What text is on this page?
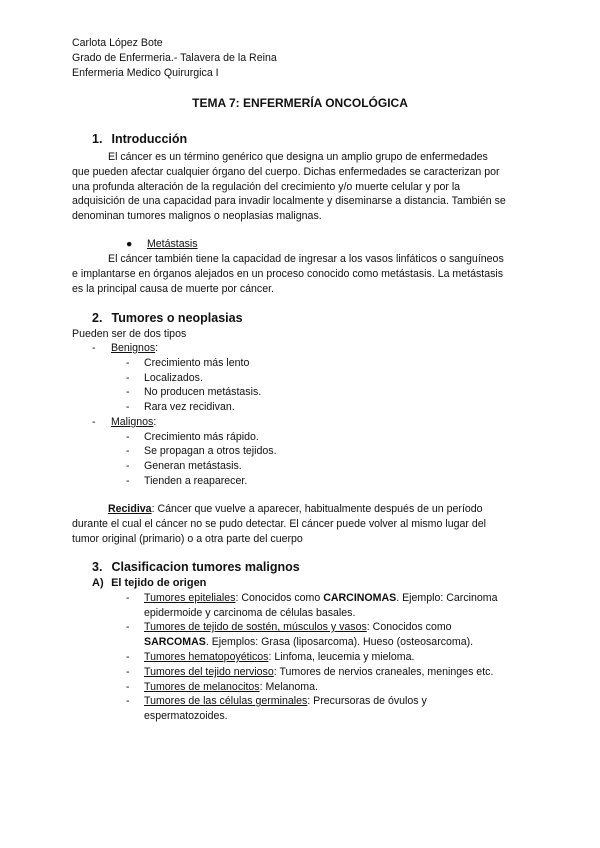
Carlota López Bote
Grado de Enfermeria.- Talavera de la Reina
Enfermeria Medico Quirurgica I
TEMA 7: ENFERMERÍA ONCOLÓGICA
1. Introducción
El cáncer es un término genérico que designa un amplio grupo de enfermedades
que pueden afectar cualquier órgano del cuerpo. Dichas enfermedades se caracterizan por
una profunda alteración de la regulación del crecimiento y/o muerte celular y por la
adquisición de una capacidad para invadir localmente y diseminarse a distancia. También se
denominan tumores malignos o neoplasias malignas.
● Metástasis
El cáncer también tiene la capacidad de ingresar a los vasos linfáticos o sanguíneos
e implantarse en órganos alejados en un proceso conocido como metástasis. La metástasis
es la principal causa de muerte por cáncer.
2. Tumores o neoplasias
Pueden ser de dos tipos
- Benignos:
- Crecimiento más lento
- Localizados.
- No producen metástasis.
- Rara vez recidivan.
- Malignos:
- Crecimiento más rápido.
- Se propagan a otros tejidos.
- Generan metástasis.
- Tienden a reaparecer.
Recidiva: Cáncer que vuelve a aparecer, habitualmente después de un período
durante el cual el cáncer no se pudo detectar. El cáncer puede volver al mismo lugar del
tumor original (primario) o a otra parte del cuerpo
3. Clasificacion tumores malignos
A) El tejido de origen
- Tumores epiteliales: Conocidos como CARCINOMAS. Ejemplo: Carcinoma
epidermoide y carcinoma de células basales.
- Tumores de tejido de sostén, músculos y vasos: Conocidos como
SARCOMAS. Ejemplos: Grasa (liposarcoma). Hueso (osteosarcoma).
- Tumores hematopoyéticos: Linfoma, leucemia y mieloma.
- Tumores del tejido nervioso: Tumores de nervios craneales, meninges etc.
- Tumores de melanocitos: Melanoma.
- Tumores de las células germinales: Precursoras de óvulos y
espermatozoides.
